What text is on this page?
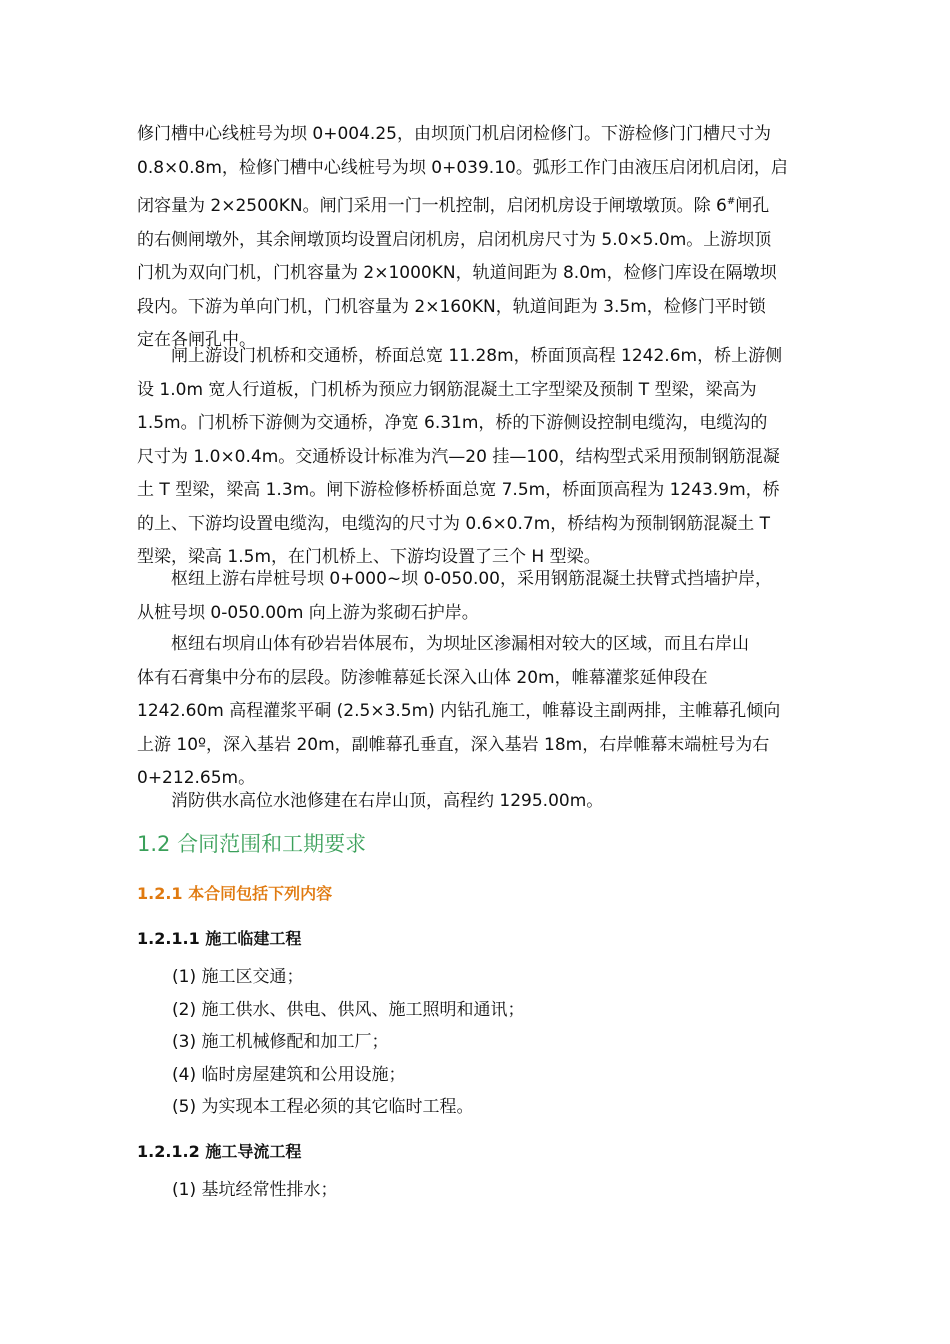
修门槽中心线桩号为坝 0+004.25，由坝顶门机启闭检修门。下游检修门门槽尺寸为
0.8×0.8m，检修门槽中心线桩号为坝 0+039.10。弧形工作门由液压启闭机启闭，启
闭容量为 2×2500KN。闸门采用一门一机控制，启闭机房设于闸墩墩顶。除 6#闸孔
的右侧闸墩外，其余闸墩顶均设置启闭机房，启闭机房尺寸为 5.0×5.0m。上游坝顶
门机为双向门机，门机容量为 2×1000KN，轨道间距为 8.0m，检修门库设在隔墩坝
段内。下游为单向门机，门机容量为 2×160KN，轨道间距为 3.5m，检修门平时锁
定在各闸孔中。
闸上游设门机桥和交通桥，桥面总宽 11.28m，桥面顶高程 1242.6m，桥上游侧
设 1.0m 宽人行道板，门机桥为预应力钢筋混凝土工字型梁及预制 T 型梁，梁高为
1.5m。门机桥下游侧为交通桥，净宽 6.31m，桥的下游侧设控制电缆沟，电缆沟的
尺寸为 1.0×0.4m。交通桥设计标准为汽—20 挂—100，结构型式采用预制钢筋混凝
土 T 型梁，梁高 1.3m。闸下游检修桥桥面总宽 7.5m，桥面顶高程为 1243.9m，桥
的上、下游均设置电缆沟，电缆沟的尺寸为 0.6×0.7m，桥结构为预制钢筋混凝土 T
型梁，梁高 1.5m，在门机桥上、下游均设置了三个 H 型梁。
枢纽上游右岸桩号坝 0+000~坝 0-050.00，采用钢筋混凝土扶臂式挡墙护岸，
从桩号坝 0-050.00m 向上游为浆砌石护岸。
枢纽右坝肩山体有砂岩岩体展布，为坝址区渗漏相对较大的区域，而且右岸山
体有石膏集中分布的层段。防渗帷幕延长深入山体 20m，帷幕灌浆延伸段在
1242.60m 高程灌浆平硐 (2.5×3.5m) 内钻孔施工，帷幕设主副两排，主帷幕孔倾向
上游 10º，深入基岩 20m，副帷幕孔垂直，深入基岩 18m，右岸帷幕末端桩号为右
0+212.65m。
消防供水高位水池修建在右岸山顶，高程约 1295.00m。
1.2 合同范围和工期要求
1.2.1 本合同包括下列内容
1.2.1.1 施工临建工程
(1) 施工区交通；
(2) 施工供水、供电、供风、施工照明和通讯；
(3) 施工机械修配和加工厂；
(4) 临时房屋建筑和公用设施；
(5) 为实现本工程必须的其它临时工程。
1.2.1.2 施工导流工程
(1) 基坑经常性排水；
